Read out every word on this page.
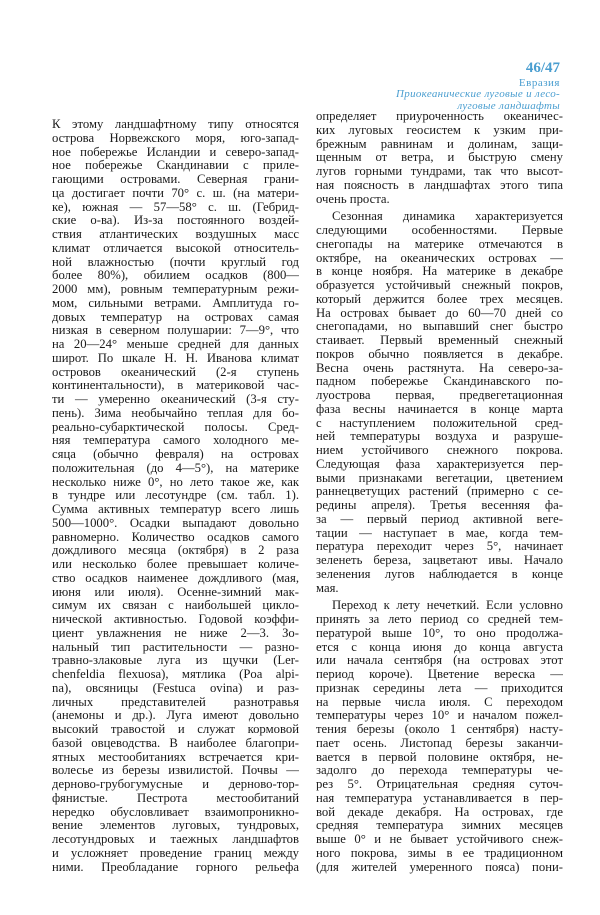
46/47
Евразия
Приокеанические луговые и лесо-
луговые ландшафты
К этому ландшафтному типу относятся
острова Норвежского моря, юго-запад-
ное побережье Исландии и северо-запад-
ное побережье Скандинавии с приле-
гающими островами. Северная грани-
ца достигает почти 70° с. ш. (на матери-
ке), южная — 57—58° с. ш. (Гебрид-
ские о-ва). Из-за постоянного воздей-
ствия атлантических воздушных масс
климат отличается высокой относитель-
ной влажностью (почти круглый год
более 80%), обилием осадков (800—
2000 мм), ровным температурным режи-
мом, сильными ветрами. Амплитуда го-
довых температур на островах самая
низкая в северном полушарии: 7—9°, что
на 20—24° меньше средней для данных
широт. По шкале Н. Н. Иванова климат
островов океанический (2-я ступень
континентальности), в материковой час-
ти — умеренно океанический (3-я сту-
пень). Зима необычайно теплая для бо-
реально-субарктической полосы. Сред-
няя температура самого холодного ме-
сяца (обычно февраля) на островах
положительная (до 4—5°), на материке
несколько ниже 0°, но лето такое же, как
в тундре или лесотундре (см. табл. 1).
Сумма активных температур всего лишь
500—1000°. Осадки выпадают довольно
равномерно. Количество осадков самого
дождливого месяца (октября) в 2 раза
или несколько более превышает количе-
ство осадков наименее дождливого (мая,
июня или июля). Осенне-зимний мак-
симум их связан с наибольшей цикло-
нической активностью. Годовой коэффи-
циент увлажнения не ниже 2—3. Зо-
нальный тип растительности — разно-
травно-злаковые луга из щучки (Ler-
chenfeldia flexuosa), мятлика (Poa alpi-
na), овсяницы (Festuca ovina) и раз-
личных представителей разнотравья
(анемоны и др.). Луга имеют довольно
высокий травостой и служат кормовой
базой овцеводства. В наиболее благопри-
ятных местообитаниях встречается кри-
волесье из березы извилистой. Почвы —
дерново-грубогумусные и дерново-тор-
фянистые. Пестрота местообитаний
нередко обусловливает взаимопроникно-
вение элементов луговых, тундровых,
лесотундровых и таежных ландшафтов
и усложняет проведение границ между
ними. Преобладание горного рельефа
определяет приуроченность океаничес-
ких луговых геосистем к узким при-
брежным равнинам и долинам, защи-
щенным от ветра, и быструю смену
лугов горными тундрами, так что высот-
ная поясность в ландшафтах этого типа
очень проста.
Сезонная динамика характеризуется
следующими особенностями. Первые
снегопады на материке отмечаются в
октябре, на океанических островах —
в конце ноября. На материке в декабре
образуется устойчивый снежный покров,
который держится более трех месяцев.
На островах бывает до 60—70 дней со
снегопадами, но выпавший снег быстро
стаивает. Первый временный снежный
покров обычно появляется в декабре.
Весна очень растянута. На северо-за-
падном побережье Скандинавского по-
луострова первая, предвегетационная
фаза весны начинается в конце марта
с наступлением положительной сред-
ней температуры воздуха и разруше-
нием устойчивого снежного покрова.
Следующая фаза характеризуется пер-
выми признаками вегетации, цветением
раннецветущих растений (примерно с се-
редины апреля). Третья весенняя фа-
за — первый период активной веге-
тации — наступает в мае, когда тем-
пература переходит через 5°, начинает
зеленеть береза, зацветают ивы. Начало
зеленения лугов наблюдается в конце
мая.
Переход к лету нечеткий. Если условно
принять за лето период со средней тем-
пературой выше 10°, то оно продолжа-
ется с конца июня до конца августа
или начала сентября (на островах этот
период короче). Цветение вереска —
признак середины лета — приходится
на первые числа июля. С переходом
температуры через 10° и началом пожел-
тения березы (около 1 сентября) насту-
пает осень. Листопад березы заканчи-
вается в первой половине октября, не-
задолго до перехода температуры че-
рез 5°. Отрицательная средняя суточ-
ная температура устанавливается в пер-
вой декаде декабря. На островах, где
средняя температура зимних месяцев
выше 0° и не бывает устойчивого снеж-
ного покрова, зимы в ее традиционном
(для жителей умеренного пояса) пони-
